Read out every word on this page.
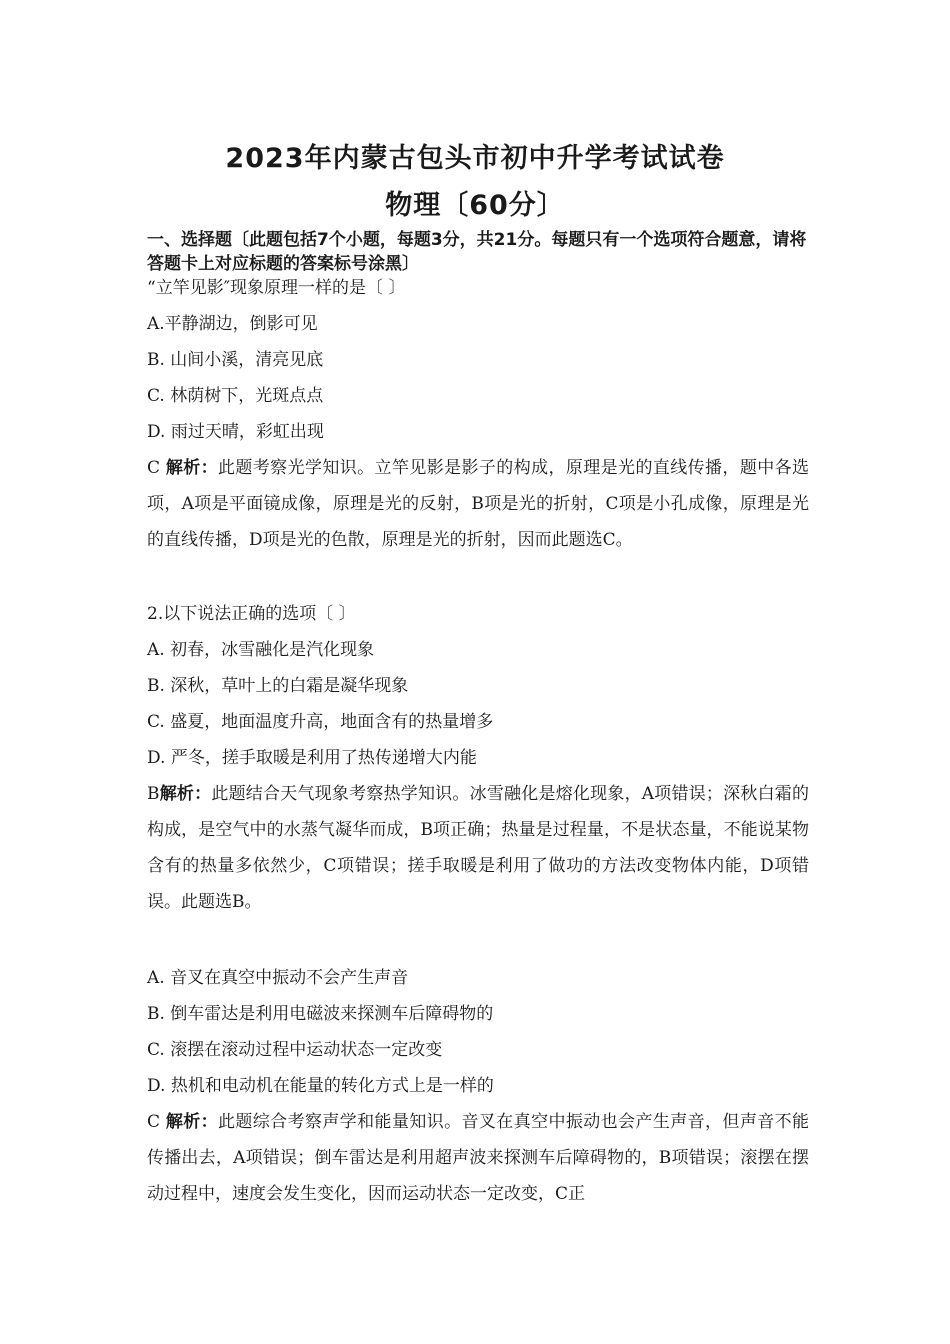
2023年内蒙古包头市初中升学考试试卷
物理〔60分〕
一、选择题〔此题包括7个小题，每题3分，共21分。每题只有一个选项符合题意，请将答题卡上对应标题的答案标号涂黑〕
“立竿见影″现象原理一样的是〔 〕
A.平静湖边，倒影可见
B. 山间小溪，清亮见底
C. 林荫树下，光斑点点
D. 雨过天晴，彩虹出现
C 解析：此题考察光学知识。立竿见影是影子的构成，原理是光的直线传播，题中各选项，A项是平面镜成像，原理是光的反射，B项是光的折射，C项是小孔成像，原理是光的直线传播，D项是光的色散，原理是光的折射，因而此题选C。
2.以下说法正确的选项〔 〕
A. 初春，冰雪融化是汽化现象
B. 深秋，草叶上的白霜是凝华现象
C. 盛夏，地面温度升高，地面含有的热量增多
D. 严冬，搓手取暖是利用了热传递增大内能
B解析：此题结合天气现象考察热学知识。冰雪融化是熔化现象，A项错误；深秋白霜的构成，是空气中的水蒸气凝华而成，B项正确；热量是过程量，不是状态量，不能说某物含有的热量多依然少，C项错误；搓手取暖是利用了做功的方法改变物体内能，D项错误。此题选B。
A. 音叉在真空中振动不会产生声音
B. 倒车雷达是利用电磁波来探测车后障碍物的
C. 滚摆在滚动过程中运动状态一定改变
D. 热机和电动机在能量的转化方式上是一样的
C 解析：此题综合考察声学和能量知识。音叉在真空中振动也会产生声音，但声音不能传播出去，A项错误；倒车雷达是利用超声波来探测车后障碍物的，B项错误；滚摆在摆动过程中，速度会发生变化，因而运动状态一定改变，C正
